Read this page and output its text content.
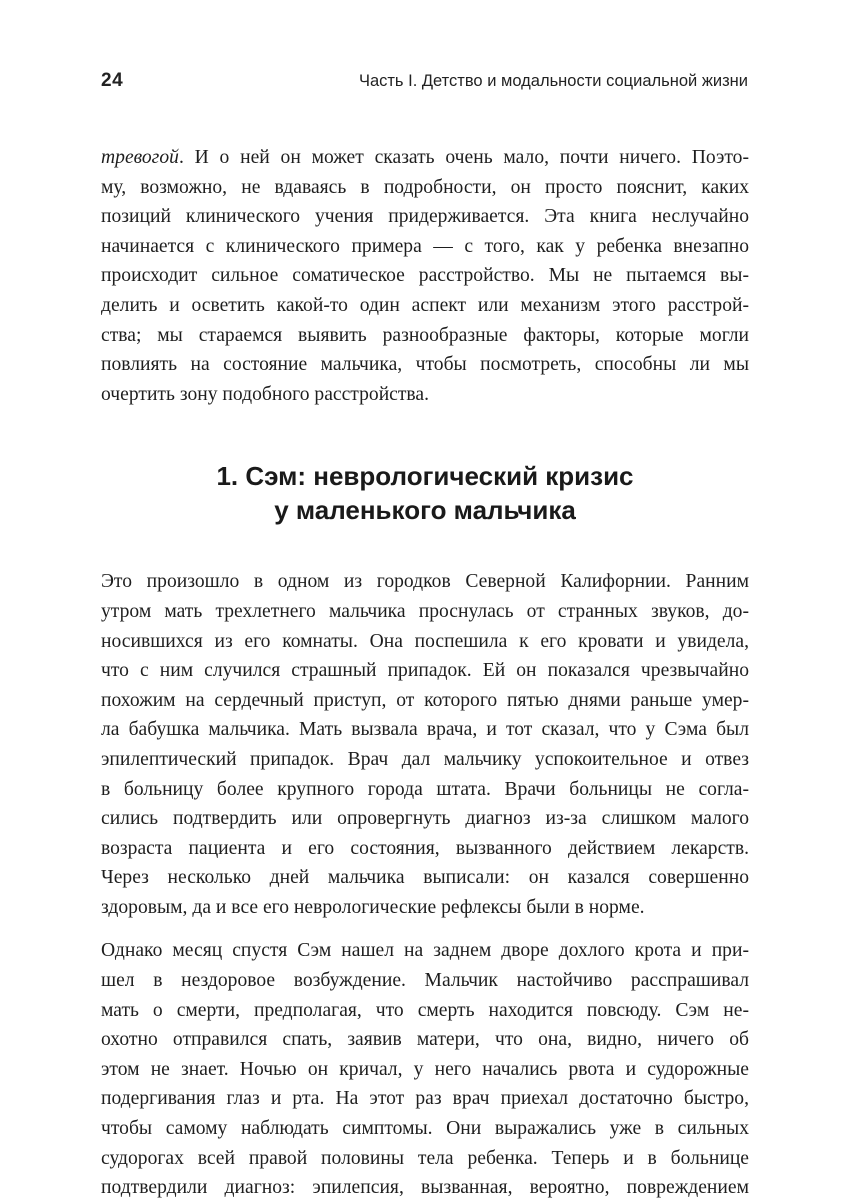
24	Часть I. Детство и модальности социальной жизни

тревогой. И о ней он может сказать очень мало, почти ничего. Поэто-
му, возможно, не вдаваясь в подробности, он просто пояснит, каких
позиций клинического учения придерживается. Эта книга неслучайно
начинается с клинического примера — с того, как у ребенка внезапно
происходит сильное соматическое расстройство. Мы не пытаемся вы-
делить и осветить какой-то один аспект или механизм этого расстрой-
ства; мы стараемся выявить разнообразные факторы, которые могли
повлиять на состояние мальчика, чтобы посмотреть, способны ли мы
очертить зону подобного расстройства.

1. Сэм: неврологический кризис
у маленького мальчика

Это произошло в одном из городков Северной Калифорнии. Ранним
утром мать трехлетнего мальчика проснулась от странных звуков, до-
носившихся из его комнаты. Она поспешила к его кровати и увидела,
что с ним случился страшный припадок. Ей он показался чрезвычайно
похожим на сердечный приступ, от которого пятью днями раньше умер-
ла бабушка мальчика. Мать вызвала врача, и тот сказал, что у Сэма был
эпилептический припадок. Врач дал мальчику успокоительное и отвез
в больницу более крупного города штата. Врачи больницы не согла-
сились подтвердить или опровергнуть диагноз из-за слишком малого
возраста пациента и его состояния, вызванного действием лекарств.
Через несколько дней мальчика выписали: он казался совершенно
здоровым, да и все его неврологические рефлексы были в норме.

Однако месяц спустя Сэм нашел на заднем дворе дохлого крота и при-
шел в нездоровое возбуждение. Мальчик настойчиво расспрашивал
мать о смерти, предполагая, что смерть находится повсюду. Сэм не-
охотно отправился спать, заявив матери, что она, видно, ничего об
этом не знает. Ночью он кричал, у него начались рвота и судорожные
подергивания глаз и рта. На этот раз врач приехал достаточно быстро,
чтобы самому наблюдать симптомы. Они выражались уже в сильных
судорогах всей правой половины тела ребенка. Теперь и в больнице
подтвердили диагноз: эпилепсия, вызванная, вероятно, повреждением
